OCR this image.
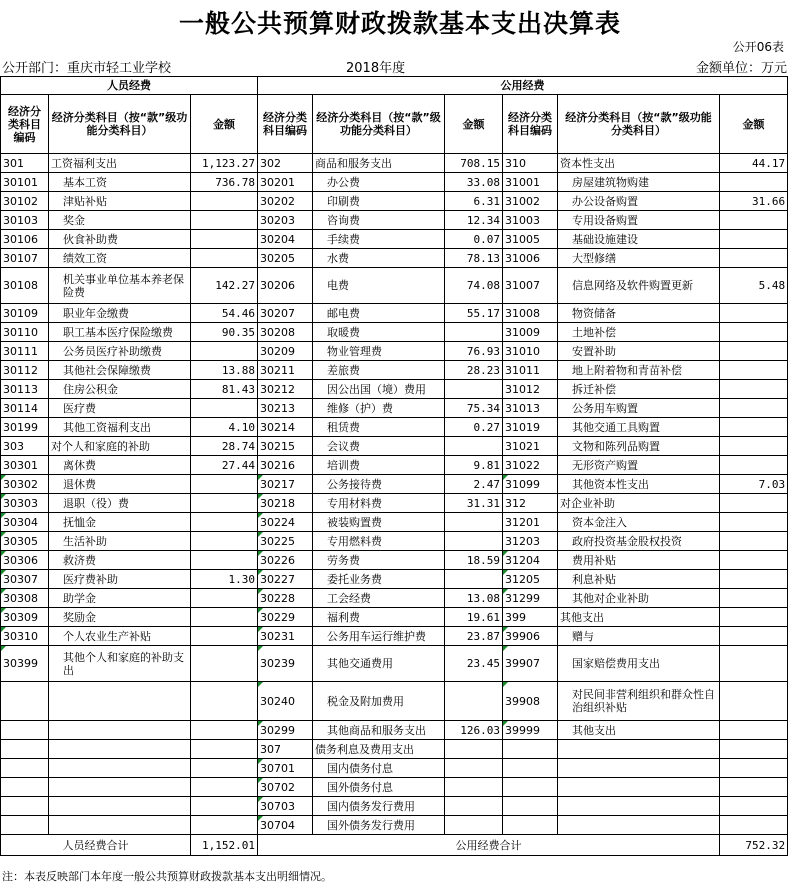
一般公共预算财政拨款基本支出决算表
公开06表
公开部门：重庆市轻工业学校	2018年度	金额单位：万元
人员经费			公用经费					
经济分类科目编码	经济分类科目（按“款”级功能分类科目）	金额	经济分类科目编码	经济分类科目（按“款”级功能分类科目）	金额	经济分类科目编码	经济分类科目（按“款”级功能分类科目）	金额
301	工资福利支出	1,123.27	302	商品和服务支出	708.15	310	资本性支出	44.17
30101	基本工资	736.78	30201	办公费	33.08	31001	房屋建筑物购建	
30102	津贴补贴		30202	印刷费	6.31	31002	办公设备购置	31.66
30103	奖金		30203	咨询费	12.34	31003	专用设备购置	
30106	伙食补助费		30204	手续费	0.07	31005	基础设施建设	
30107	绩效工资		30205	水费	78.13	31006	大型修缮	
30108	机关事业单位基本养老保险费	142.27	30206	电费	74.08	31007	信息网络及软件购置更新	5.48
30109	职业年金缴费	54.46	30207	邮电费	55.17	31008	物资储备	
30110	职工基本医疗保险缴费	90.35	30208	取暖费		31009	土地补偿	
30111	公务员医疗补助缴费		30209	物业管理费	76.93	31010	安置补助	
30112	其他社会保障缴费	13.88	30211	差旅费	28.23	31011	地上附着物和青苗补偿	
30113	住房公积金	81.43	30212	因公出国（境）费用		31012	拆迁补偿	
30114	医疗费		30213	维修（护）费	75.34	31013	公务用车购置	
30199	其他工资福利支出	4.10	30214	租赁费	0.27	31019	其他交通工具购置	
303	对个人和家庭的补助	28.74	30215	会议费		31021	文物和陈列品购置	
30301	离休费	27.44	30216	培训费	9.81	31022	无形资产购置	
30302	退休费		30217	公务接待费	2.47	31099	其他资本性支出	7.03
30303	退职（役）费		30218	专用材料费	31.31	312	对企业补助	
30304	抚恤金		30224	被装购置费		31201	资本金注入	
30305	生活补助		30225	专用燃料费		31203	政府投资基金股权投资	
30306	救济费		30226	劳务费	18.59	31204	费用补贴	
30307	医疗费补助	1.30	30227	委托业务费		31205	利息补贴	
30308	助学金		30228	工会经费	13.08	31299	其他对企业补助	
30309	奖励金		30229	福利费	19.61	399	其他支出	
30310	个人农业生产补贴		30231	公务用车运行维护费	23.87	39906	赠与	
30399	其他个人和家庭的补助支出		30239	其他交通费用	23.45	39907	国家赔偿费用支出	
			30240	税金及附加费用		39908	对民间非营利组织和群众性自治组织补贴	
			30299	其他商品和服务支出	126.03	39999	其他支出	
			307	债务利息及费用支出				
			30701	国内债务付息				
			30702	国外债务付息				
			30703	国内债务发行费用				
			30704	国外债务发行费用				
人员经费合计		1,152.01	公用经费合计					752.32
注：本表反映部门本年度一般公共预算财政拨款基本支出明细情况。
